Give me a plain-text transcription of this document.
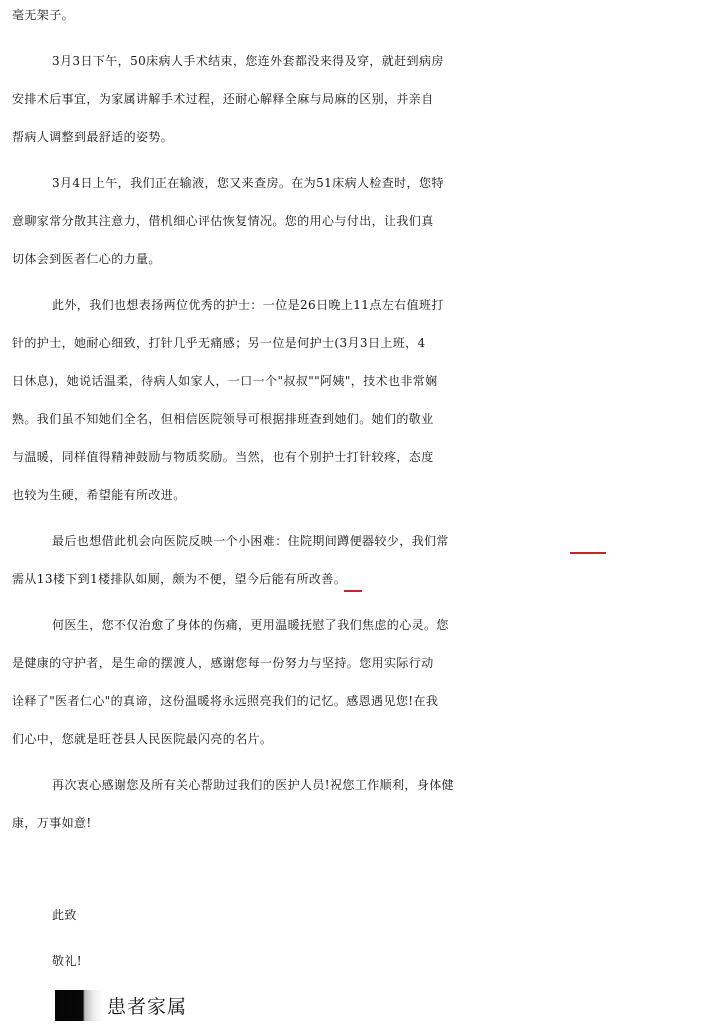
毫无架子。
3月3日下午，50床病人手术结束，您连外套都没来得及穿，就赶到病房
安排术后事宜，为家属讲解手术过程，还耐心解释全麻与局麻的区别，并亲自
帮病人调整到最舒适的姿势。
3月4日上午，我们正在输液，您又来查房。在为51床病人检查时，您特
意聊家常分散其注意力，借机细心评估恢复情况。您的用心与付出，让我们真
切体会到医者仁心的力量。
此外，我们也想表扬两位优秀的护士：一位是26日晚上11点左右值班打
针的护士，她耐心细致，打针几乎无痛感；另一位是何护士(3月3日上班，4
日休息)，她说话温柔，待病人如家人，一口一个"叔叔""阿姨"，技术也非常娴
熟。我们虽不知她们全名，但相信医院领导可根据排班查到她们。她们的敬业
与温暖，同样值得精神鼓励与物质奖励。当然，也有个别护士打针较疼，态度
也较为生硬，希望能有所改进。
最后也想借此机会向医院反映一个小困难：住院期间蹲便器较少，我们常
需从13楼下到1楼排队如厕，颇为不便，望今后能有所改善。
何医生，您不仅治愈了身体的伤痛，更用温暖抚慰了我们焦虑的心灵。您
是健康的守护者，是生命的摆渡人，感谢您每一份努力与坚持。您用实际行动
诠释了"医者仁心"的真谛，这份温暖将永远照亮我们的记忆。感恩遇见您!在我
们心中，您就是旺苍县人民医院最闪亮的名片。
再次衷心感谢您及所有关心帮助过我们的医护人员!祝您工作顺利，身体健
康，万事如意!
此致
敬礼!
患者家属
